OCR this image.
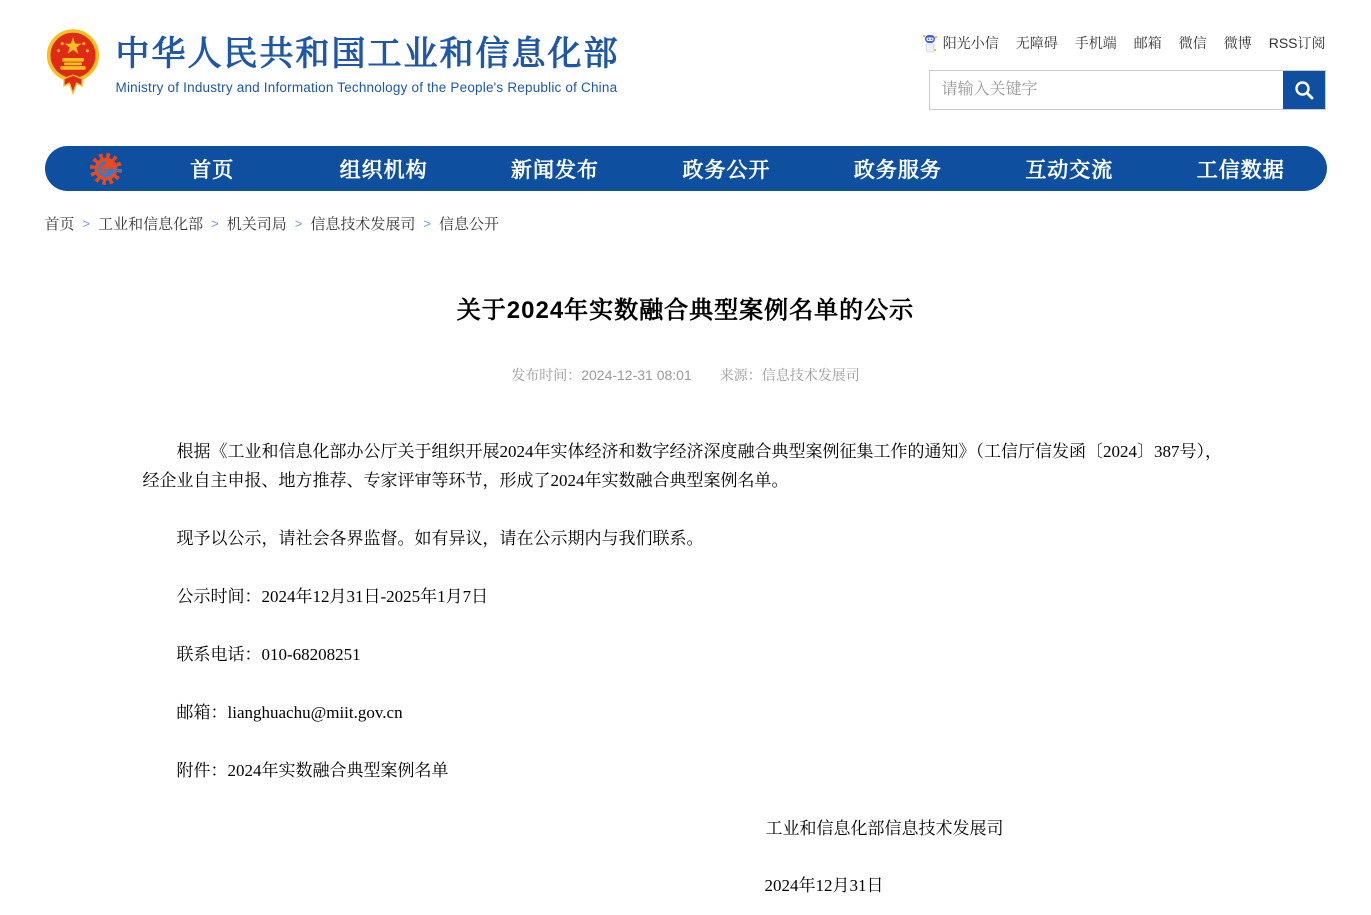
中华人民共和国工业和信息化部
Ministry of Industry and Information Technology of the People's Republic of China
阳光小信 无障碍 手机端 邮箱 微信 微博 RSS订阅
请输入关键字
首页	组织机构	新闻发布	政务公开	政务服务	互动交流	工信数据
首页 > 工业和信息化部 > 机关司局 > 信息技术发展司 > 信息公开
关于2024年实数融合典型案例名单的公示
发布时间：2024-12-31 08:01 来源：信息技术发展司

根据《工业和信息化部办公厅关于组织开展2024年实体经济和数字经济深度融合典型案例征集工作的通知》（工信厅信发函〔2024〕387号），经企业自主申报、地方推荐、专家评审等环节，形成了2024年实数融合典型案例名单。

现予以公示，请社会各界监督。如有异议，请在公示期内与我们联系。

公示时间：2024年12月31日-2025年1月7日

联系电话：010-68208251

邮箱：lianghuachu@miit.gov.cn

附件：2024年实数融合典型案例名单

工业和信息化部信息技术发展司
2024年12月31日
